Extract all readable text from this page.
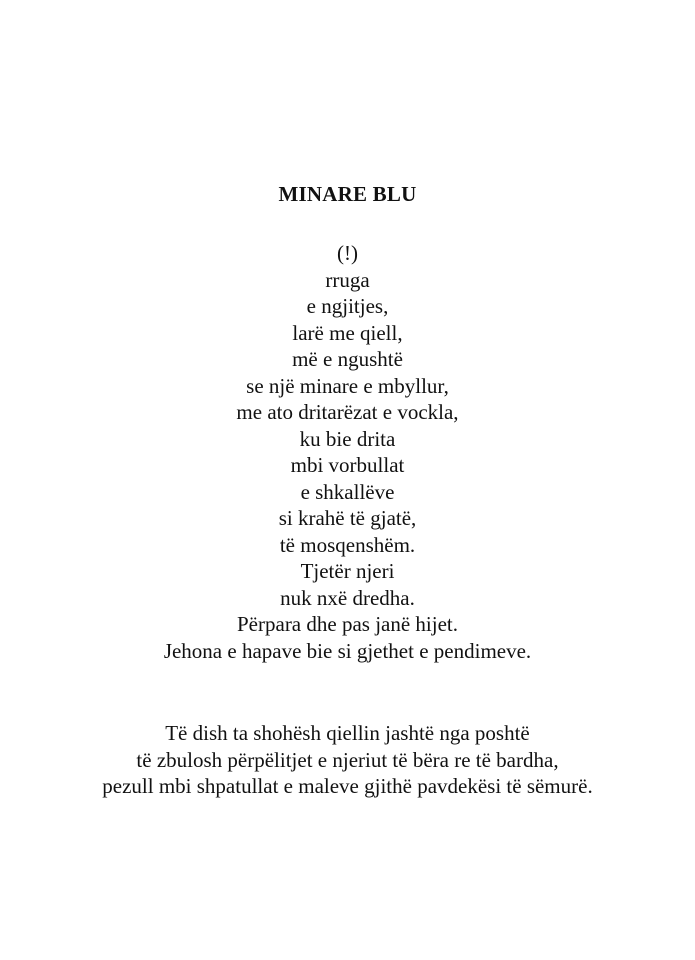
MINARE BLU
(!)
rruga
e ngjitjes,
larë me qiell,
më e ngushtë
se një minare e mbyllur,
me ato dritarëzat e vockla,
ku bie drita
mbi vorbullat
e shkallëve
si krahë të gjatë,
të mosqenshëm.
Tjetër njeri
nuk nxë dredha.
Përpara dhe pas janë hijet.
Jehona e hapave bie si gjethet e pendimeve.
Të dish ta shohësh qiellin jashtë nga poshtë
të zbulosh përpëlitjet e njeriut të bëra re të bardha,
pezull mbi shpatullat e maleve gjithë pavdekësi të sëmurë.
